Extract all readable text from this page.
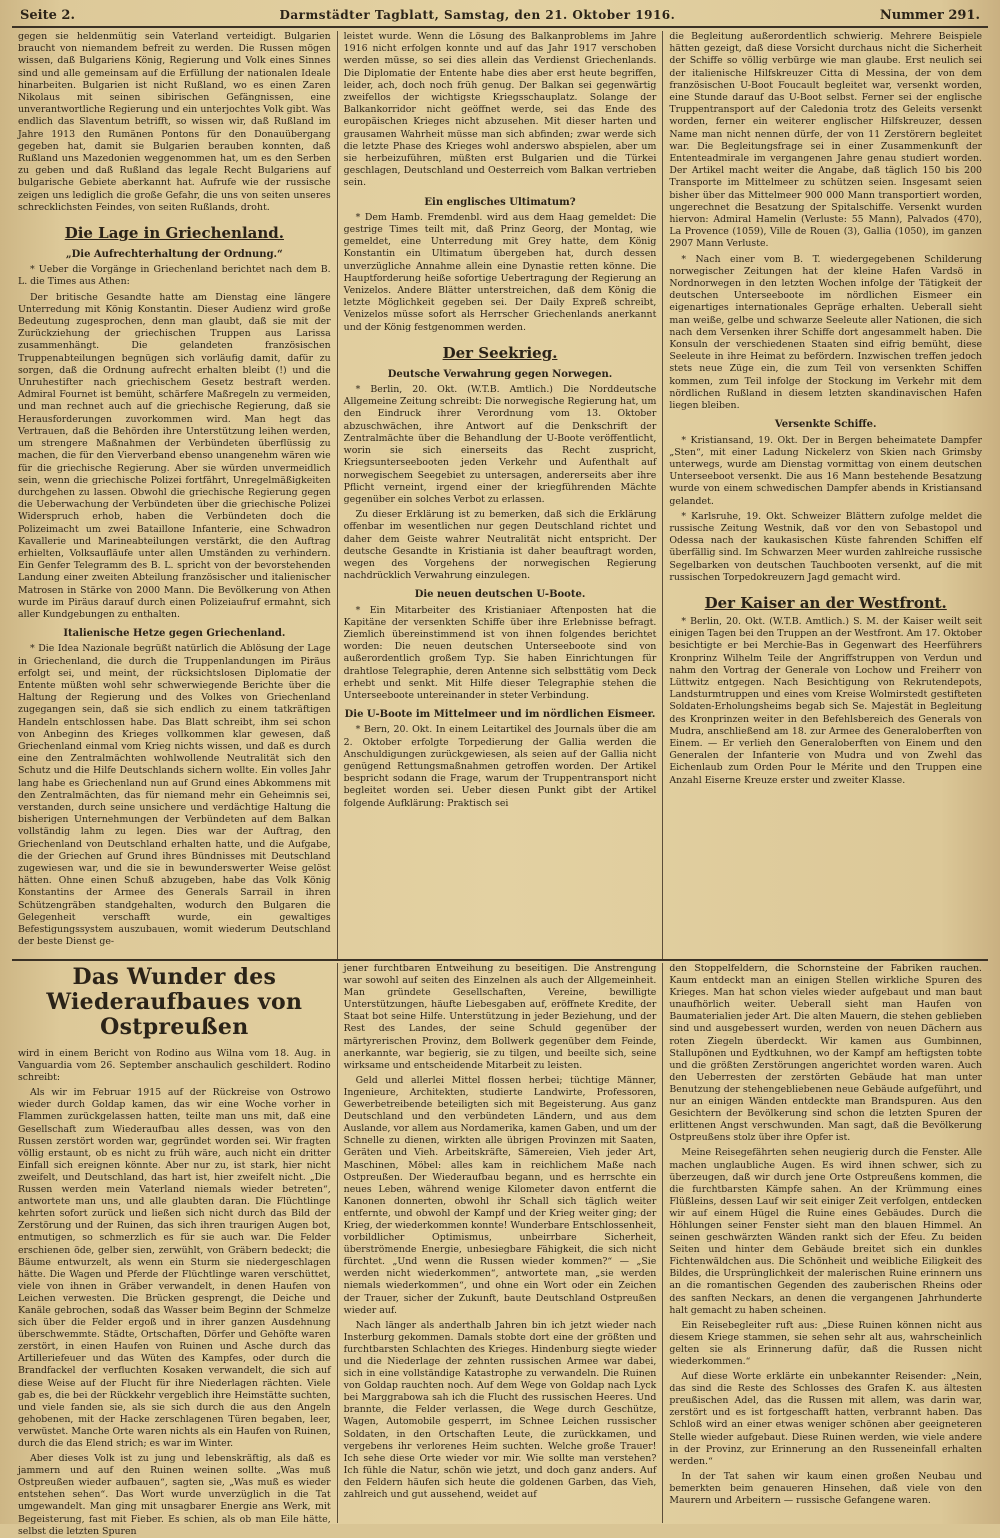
Seite 2.	Darmstädter Tagblatt, Samstag, den 21. Oktober 1916.	Nummer 291.

gegen sie heldenmütig sein Vaterland verteidigt. Bulgarien braucht von niemandem befreit zu werden. Die Russen mögen wissen, daß Bulgariens König, Regierung und Volk eines Sinnes sind und alle gemeinsam auf die Erfüllung der nationalen Ideale hinarbeiten. Bulgarien ist nicht Rußland, wo es einen Zaren Nikolaus mit seinen sibirischen Gefängnissen, eine unverantwortliche Regierung und ein unterjochtes Volk gibt. Was endlich das Slaventum betrifft, so wissen wir, daß Rußland im Jahre 1913 den Rumänen Pontons für den Donauübergang gegeben hat, damit sie Bulgarien berauben konnten, daß Rußland uns Mazedonien weggenommen hat, um es den Serben zu geben und daß Rußland das legale Recht Bulgariens auf bulgarische Gebiete aberkannt hat. Aufrufe wie der russische zeigen uns lediglich die große Gefahr, die uns von seiten unseres schrecklichsten Feindes, von seiten Rußlands, droht.

Die Lage in Griechenland.
„Die Aufrechterhaltung der Ordnung.“

* Ueber die Vorgänge in Griechenland berichtet nach dem B. L. die Times aus Athen:

Der britische Gesandte hatte am Dienstag eine längere Unterredung mit König Konstantin. Dieser Audienz wird große Bedeutung zugesprochen, denn man glaubt, daß sie mit der Zurückziehung der griechischen Truppen aus Larissa zusammenhängt. Die gelandeten französischen Truppenabteilungen begnügen sich vorläufig damit, dafür zu sorgen, daß die Ordnung aufrecht erhalten bleibt (!) und die Unruhestifter nach griechischem Gesetz bestraft werden. Admiral Fournet ist bemüht, schärfere Maßregeln zu vermeiden, und man rechnet auch auf die griechische Regierung, daß sie Herausforderungen zuvorkommen wird. Man hegt das Vertrauen, daß die Behörden ihre Unterstützung leihen werden, um strengere Maßnahmen der Verbündeten überflüssig zu machen, die für den Vierverband ebenso unangenehm wären wie für die griechische Regierung. Aber sie würden unvermeidlich sein, wenn die griechische Polizei fortfährt, Unregelmäßigkeiten durchgehen zu lassen. Obwohl die griechische Regierung gegen die Ueberwachung der Verbündeten über die griechische Polizei Widerspruch erhob, haben die Verbündeten doch die Polizeimacht um zwei Bataillone Infanterie, eine Schwadron Kavallerie und Marineabteilungen verstärkt, die den Auftrag erhielten, Volksaufläufe unter allen Umständen zu verhindern. Ein Genfer Telegramm des B. L. spricht von der bevorstehenden Landung einer zweiten Abteilung französischer und italienischer Matrosen in Stärke von 2000 Mann. Die Bevölkerung von Athen wurde im Piräus darauf durch einen Polizeiaufruf ermahnt, sich aller Kundgebungen zu enthalten.

Italienische Hetze gegen Griechenland.

* Die Idea Nazionale begrüßt natürlich die Ablösung der Lage in Griechenland, die durch die Truppenlandungen im Piräus erfolgt sei, und meint, der rücksichtslosen Diplomatie der Entente müßten wohl sehr schwerwiegende Berichte über die Haltung der Regierung und des Volkes von Griechenland zugegangen sein, daß sie sich endlich zu einem tatkräftigen Handeln entschlossen habe. Das Blatt schreibt, ihm sei schon von Anbeginn des Krieges vollkommen klar gewesen, daß Griechenland einmal vom Krieg nichts wissen, und daß es durch eine den Zentralmächten wohlwollende Neutralität sich den Schutz und die Hilfe Deutschlands sichern wollte. Ein volles Jahr lang habe es Griechenland nun auf Grund eines Abkommens mit den Zentralmächten, das für niemand mehr ein Geheimnis sei, verstanden, durch seine unsichere und verdächtige Haltung die bisherigen Unternehmungen der Verbündeten auf dem Balkan vollständig lahm zu legen. Dies war der Auftrag, den Griechenland von Deutschland erhalten hatte, und die Aufgabe, die der Griechen auf Grund ihres Bündnisses mit Deutschland zugewiesen war, und die sie in bewunderswerter Weise gelöst hätten. Ohne einen Schuß abzugeben, habe das Volk König Konstantins der Armee des Generals Sarrail in ihren Schützengräben standgehalten, wodurch den Bulgaren die Gelegenheit verschafft wurde, ein gewaltiges Befestigungssystem auszubauen, womit wiederum Deutschland der beste Dienst ge-

leistet wurde. Wenn die Lösung des Balkanproblems im Jahre 1916 nicht erfolgen konnte und auf das Jahr 1917 verschoben werden müsse, so sei dies allein das Verdienst Griechenlands. Die Diplomatie der Entente habe dies aber erst heute begriffen, leider, ach, doch noch früh genug. Der Balkan sei gegenwärtig zweifellos der wichtigste Kriegsschauplatz. Solange der Balkankorridor nicht geöffnet werde, sei das Ende des europäischen Krieges nicht abzusehen. Mit dieser harten und grausamen Wahrheit müsse man sich abfinden; zwar werde sich die letzte Phase des Krieges wohl anderswo abspielen, aber um sie herbeizuführen, müßten erst Bulgarien und die Türkei geschlagen, Deutschland und Oesterreich vom Balkan vertrieben sein.

Ein englisches Ultimatum?

* Dem Hamb. Fremdenbl. wird aus dem Haag gemeldet: Die gestrige Times teilt mit, daß Prinz Georg, der Montag, wie gemeldet, eine Unterredung mit Grey hatte, dem König Konstantin ein Ultimatum übergeben hat, durch dessen unverzügliche Annahme allein eine Dynastie retten könne. Die Hauptforderung heiße sofortige Uebertragung der Regierung an Venizelos. Andere Blätter unterstreichen, daß dem König die letzte Möglichkeit gegeben sei. Der Daily Expreß schreibt, Venizelos müsse sofort als Herrscher Griechenlands anerkannt und der König festgenommen werden.

Der Seekrieg.
Deutsche Verwahrung gegen Norwegen.

* Berlin, 20. Okt. (W.T.B. Amtlich.) Die Norddeutsche Allgemeine Zeitung schreibt: Die norwegische Regierung hat, um den Eindruck ihrer Verordnung vom 13. Oktober abzuschwächen, ihre Antwort auf die Denkschrift der Zentralmächte über die Behandlung der U-Boote veröffentlicht, worin sie sich einerseits das Recht zuspricht, Kriegsunterseebooten jeden Verkehr und Aufenthalt auf norwegischem Seegebiet zu untersagen, andererseits aber ihre Pflicht verneint, irgend einer der kriegführenden Mächte gegenüber ein solches Verbot zu erlassen.

Zu dieser Erklärung ist zu bemerken, daß sich die Erklärung offenbar im wesentlichen nur gegen Deutschland richtet und daher dem Geiste wahrer Neutralität nicht entspricht. Der deutsche Gesandte in Kristiania ist daher beauftragt worden, wegen des Vorgehens der norwegischen Regierung nachdrücklich Verwahrung einzulegen.

Die neuen deutschen U-Boote.

* Ein Mitarbeiter des Kristianiaer Aftenposten hat die Kapitäne der versenkten Schiffe über ihre Erlebnisse befragt. Ziemlich übereinstimmend ist von ihnen folgendes berichtet worden: Die neuen deutschen Unterseeboote sind von außerordentlich großem Typ. Sie haben Einrichtungen für drahtlose Telegraphie, deren Antenne sich selbsttätig vom Deck erhebt und senkt. Mit Hilfe dieser Telegraphie stehen die Unterseeboote untereinander in steter Verbindung.

Die U-Boote im Mittelmeer und im nördlichen Eismeer.

* Bern, 20. Okt. In einem Leitartikel des Journals über die am 2. Oktober erfolgte Torpedierung der Gallia werden die Anschuldigungen zurückgewiesen, als seien auf der Gallia nicht genügend Rettungsmaßnahmen getroffen worden. Der Artikel bespricht sodann die Frage, warum der Truppentransport nicht begleitet worden sei. Ueber diesen Punkt gibt der Artikel folgende Aufklärung: Praktisch sei

die Begleitung außerordentlich schwierig. Mehrere Beispiele hätten gezeigt, daß diese Vorsicht durchaus nicht die Sicherheit der Schiffe so völlig verbürge wie man glaube. Erst neulich sei der italienische Hilfskreuzer Citta di Messina, der von dem französischen U-Boot Foucault begleitet war, versenkt worden, eine Stunde darauf das U-Boot selbst. Ferner sei der englische Truppentransport auf der Caledonia trotz des Geleits versenkt worden, ferner ein weiterer englischer Hilfskreuzer, dessen Name man nicht nennen dürfe, der von 11 Zerstörern begleitet war. Die Begleitungsfrage sei in einer Zusammenkunft der Ententeadmirale im vergangenen Jahre genau studiert worden. Der Artikel macht weiter die Angabe, daß täglich 150 bis 200 Transporte im Mittelmeer zu schützen seien. Insgesamt seien bisher über das Mittelmeer 900 000 Mann transportiert worden, ungerechnet die Besatzung der Spitalschiffe. Versenkt wurden hiervon: Admiral Hamelin (Verluste: 55 Mann), Palvados (470), La Provence (1059), Ville de Rouen (3), Gallia (1050), im ganzen 2907 Mann Verluste.

* Nach einer vom B. T. wiedergegebenen Schilderung norwegischer Zeitungen hat der kleine Hafen Vardsö in Nordnorwegen in den letzten Wochen infolge der Tätigkeit der deutschen Unterseeboote im nördlichen Eismeer ein eigenartiges internationales Gepräge erhalten. Ueberall sieht man weiße, gelbe und schwarze Seeleute aller Nationen, die sich nach dem Versenken ihrer Schiffe dort angesammelt haben. Die Konsuln der verschiedenen Staaten sind eifrig bemüht, diese Seeleute in ihre Heimat zu befördern. Inzwischen treffen jedoch stets neue Züge ein, die zum Teil von versenkten Schiffen kommen, zum Teil infolge der Stockung im Verkehr mit dem nördlichen Rußland in diesem letzten skandinavischen Hafen liegen bleiben.

Versenkte Schiffe.

* Kristiansand, 19. Okt. Der in Bergen beheimatete Dampfer „Sten“, mit einer Ladung Nickelerz von Skien nach Grimsby unterwegs, wurde am Dienstag vormittag von einem deutschen Unterseeboot versenkt. Die aus 16 Mann bestehende Besatzung wurde von einem schwedischen Dampfer abends in Kristiansand gelandet.

* Karlsruhe, 19. Okt. Schweizer Blättern zufolge meldet die russische Zeitung Westnik, daß vor den von Sebastopol und Odessa nach der kaukasischen Küste fahrenden Schiffen elf überfällig sind. Im Schwarzen Meer wurden zahlreiche russische Segelbarken von deutschen Tauchbooten versenkt, auf die mit russischen Torpedokreuzern Jagd gemacht wird.

Der Kaiser an der Westfront.

* Berlin, 20. Okt. (W.T.B. Amtlich.) S. M. der Kaiser weilt seit einigen Tagen bei den Truppen an der Westfront. Am 17. Oktober besichtigte er bei Merchie-Bas in Gegenwart des Heerführers Kronprinz Wilhelm Teile der Angriffstruppen von Verdun und nahm den Vortrag der Generale von Lochow und Freiherr von Lüttwitz entgegen. Nach Besichtigung von Rekrutendepots, Landsturmtruppen und eines vom Kreise Wolmirstedt gestifteten Soldaten-Erholungsheims begab sich Se. Majestät in Begleitung des Kronprinzen weiter in den Befehlsbereich des Generals von Mudra, anschließend am 18. zur Armee des Generaloberften von Einem. — Er verlieh den Generaloberften von Einem und den Generalen der Infanterie von Mudra und von Zwehl das Eichenlaub zum Orden Pour le Mérite und den Truppen eine Anzahl Eiserne Kreuze erster und zweiter Klasse.

Das Wunder des Wiederaufbaues von Ostpreußen

wird in einem Bericht von Rodino aus Wilna vom 18. Aug. in Vanguardia vom 26. September anschaulich geschildert. Rodino schreibt:

Als wir im Februar 1915 auf der Rückreise von Ostrowo wieder durch Goldap kamen, das wir eine Woche vorher in Flammen zurückgelassen hatten, teilte man uns mit, daß eine Gesellschaft zum Wiederaufbau alles dessen, was von den Russen zerstört worden war, gegründet worden sei. Wir fragten völlig erstaunt, ob es nicht zu früh wäre, auch nicht ein dritter Einfall sich ereignen könnte. Aber nur zu, ist stark, hier nicht zweifelt, und Deutschland, das hart ist, hier zweifelt nicht. „Die Russen werden mein Vaterland niemals wieder betreten“, antwortete man uns, und alle glaubten daran. Die Flüchtlinge kehrten sofort zurück und ließen sich nicht durch das Bild der Zerstörung und der Ruinen, das sich ihren traurigen Augen bot, entmutigen, so schmerzlich es für sie auch war. Die Felder erschienen öde, gelber sien, zerwühlt, von Gräbern bedeckt; die Bäume entwurzelt, als wenn ein Sturm sie niedergeschlagen hätte. Die Wagen und Pferde der Flüchtlinge waren verschüttet, viele von ihnen in Gräber verwandelt, in denen Haufen von Leichen verwesten. Die Brücken gesprengt, die Deiche und Kanäle gebrochen, sodaß das Wasser beim Beginn der Schmelze sich über die Felder ergoß und in ihrer ganzen Ausdehnung überschwemmte. Städte, Ortschaften, Dörfer und Gehöfte waren zerstört, in einen Haufen von Ruinen und Asche durch das Artilleriefeuer und das Wüten des Kampfes, oder durch die Brandfackel der verfluchten Kosaken verwandelt, die sich auf diese Weise auf der Flucht für ihre Niederlagen rächten. Viele gab es, die bei der Rückkehr vergeblich ihre Heimstätte suchten, und viele fanden sie, als sie sich durch die aus den Angeln gehobenen, mit der Hacke zerschlagenen Türen begaben, leer, verwüstet. Manche Orte waren nichts als ein Haufen von Ruinen, durch die das Elend strich; es war im Winter.

Aber dieses Volk ist zu jung und lebenskräftig, als daß es jammern und auf den Ruinen weinen sollte. „Was muß Ostpreußen wieder aufbauen“, sagten sie, „Was muß es wieder entstehen sehen“. Das Wort wurde unverzüglich in die Tat umgewandelt. Man ging mit unsagbarer Energie ans Werk, mit Begeisterung, fast mit Fieber. Es schien, als ob man Eile hätte, selbst die letzten Spuren

jener furchtbaren Entweihung zu beseitigen. Die Anstrengung war sowohl auf seiten des Einzelnen als auch der Allgemeinheit. Man gründete Gesellschaften, Vereine, bewilligte Unterstützungen, häufte Liebesgaben auf, eröffnete Kredite, der Staat bot seine Hilfe. Unterstützung in jeder Beziehung, und der Rest des Landes, der seine Schuld gegenüber der märtyrerischen Provinz, dem Bollwerk gegenüber dem Feinde, anerkannte, war begierig, sie zu tilgen, und beeilte sich, seine wirksame und entscheidende Mitarbeit zu leisten.

Geld und allerlei Mittel flossen herbei; tüchtige Männer, Ingenieure, Architekten, studierte Landwirte, Professoren, Gewerbetreibende beteiligten sich mit Begeisterung. Aus ganz Deutschland und den verbündeten Ländern, und aus dem Auslande, vor allem aus Nordamerika, kamen Gaben, und um der Schnelle zu dienen, wirkten alle übrigen Provinzen mit Saaten, Geräten und Vieh. Arbeitskräfte, Sämereien, Vieh jeder Art, Maschinen, Möbel: alles kam in reichlichem Maße nach Ostpreußen. Der Wiederaufbau begann, und es herrschte ein neues Leben, während wenige Kilometer davon entfernt die Kanonen donnerten, obwohl ihr Schall sich täglich weiter entfernte, und obwohl der Kampf und der Krieg weiter ging; der Krieg, der wiederkommen konnte! Wunderbare Entschlossenheit, vorbildlicher Optimismus, unbeirrbare Sicherheit, überströmende Energie, unbesiegbare Fähigkeit, die sich nicht fürchtet. „Und wenn die Russen wieder kommen?“ — „Sie werden nicht wiederkommen“, antwortete man, „sie werden niemals wiederkommen“, und ohne ein Wort oder ein Zeichen der Trauer, sicher der Zukunft, baute Deutschland Ostpreußen wieder auf.

Nach länger als anderthalb Jahren bin ich jetzt wieder nach Insterburg gekommen. Damals stobte dort eine der größten und furchtbarsten Schlachten des Krieges. Hindenburg siegte wieder und die Niederlage der zehnten russischen Armee war dabei, sich in eine vollständige Katastrophe zu verwandeln. Die Ruinen von Goldap rauchten noch. Auf dem Wege von Goldap nach Lyck bei Marggrabowa sah ich die Flucht des russischen Heeres. Und brannte, die Felder verlassen, die Wege durch Geschütze, Wagen, Automobile gesperrt, im Schnee Leichen russischer Soldaten, in den Ortschaften Leute, die zurückkamen, und vergebens ihr verlorenes Heim suchten. Welche große Trauer! Ich sehe diese Orte wieder vor mir. Wie sollte man verstehen? Ich fühle die Natur, schön wie jetzt, und doch ganz anders. Auf den Feldern häufen sich heute die goldenen Garben, das Vieh, zahlreich und gut aussehend, weidet auf

den Stoppelfeldern, die Schornsteine der Fabriken rauchen. Kaum entdeckt man an einigen Stellen wirkliche Spuren des Krieges. Man hat schon vieles wieder aufgebaut und man baut unaufhörlich weiter. Ueberall sieht man Haufen von Baumaterialien jeder Art. Die alten Mauern, die stehen geblieben sind und ausgebessert wurden, werden von neuen Dächern aus roten Ziegeln überdeckt. Wir kamen aus Gumbinnen, Stallupönen und Eydtkuhnen, wo der Kampf am heftigsten tobte und die größten Zerstörungen angerichtet worden waren. Auch den Ueberresten der zerstörten Gebäude hat man unter Benutzung der stehengebliebenen neue Gebäude aufgeführt, und nur an einigen Wänden entdeckte man Brandspuren. Aus den Gesichtern der Bevölkerung sind schon die letzten Spuren der erlittenen Angst verschwunden. Man sagt, daß die Bevölkerung Ostpreußens stolz über ihre Opfer ist.

Meine Reisegefährten sehen neugierig durch die Fenster. Alle machen unglaubliche Augen. Es wird ihnen schwer, sich zu überzeugen, daß wir durch jene Orte Ostpreußens kommen, die die furchtbarsten Kämpfe sahen. An der Krümmung eines Flüßleins, dessen Lauf wir seit einiger Zeit verfolgen, entdecken wir auf einem Hügel die Ruine eines Gebäudes. Durch die Höhlungen seiner Fenster sieht man den blauen Himmel. An seinen geschwärzten Wänden rankt sich der Efeu. Zu beiden Seiten und hinter dem Gebäude breitet sich ein dunkles Fichtenwäldchen aus. Die Schönheit und weibliche Eiligkeit des Bildes, die Ursprünglichkeit der malerischen Ruine erinnern uns an die romantischen Gegenden des zauberischen Rheins oder des sanften Neckars, an denen die vergangenen Jahrhunderte halt gemacht zu haben scheinen.

Ein Reisebegleiter ruft aus: „Diese Ruinen können nicht aus diesem Kriege stammen, sie sehen sehr alt aus, wahrscheinlich gelten sie als Erinnerung dafür, daß die Russen nicht wiederkommen.“

Auf diese Worte erklärte ein unbekannter Reisender: „Nein, das sind die Reste des Schlosses des Grafen K. aus ältesten preußischen Adel, das die Russen mit allem, was darin war, zerstört und es ist fortgeschafft hatten, verbrannt haben. Das Schloß wird an einer etwas weniger schönen aber geeigneteren Stelle wieder aufgebaut. Diese Ruinen werden, wie viele andere in der Provinz, zur Erinnerung an den Russeneinfall erhalten werden.“

In der Tat sahen wir kaum einen großen Neubau und bemerkten beim genaueren Hinsehen, daß viele von den Maurern und Arbeitern — russische Gefangene waren.
